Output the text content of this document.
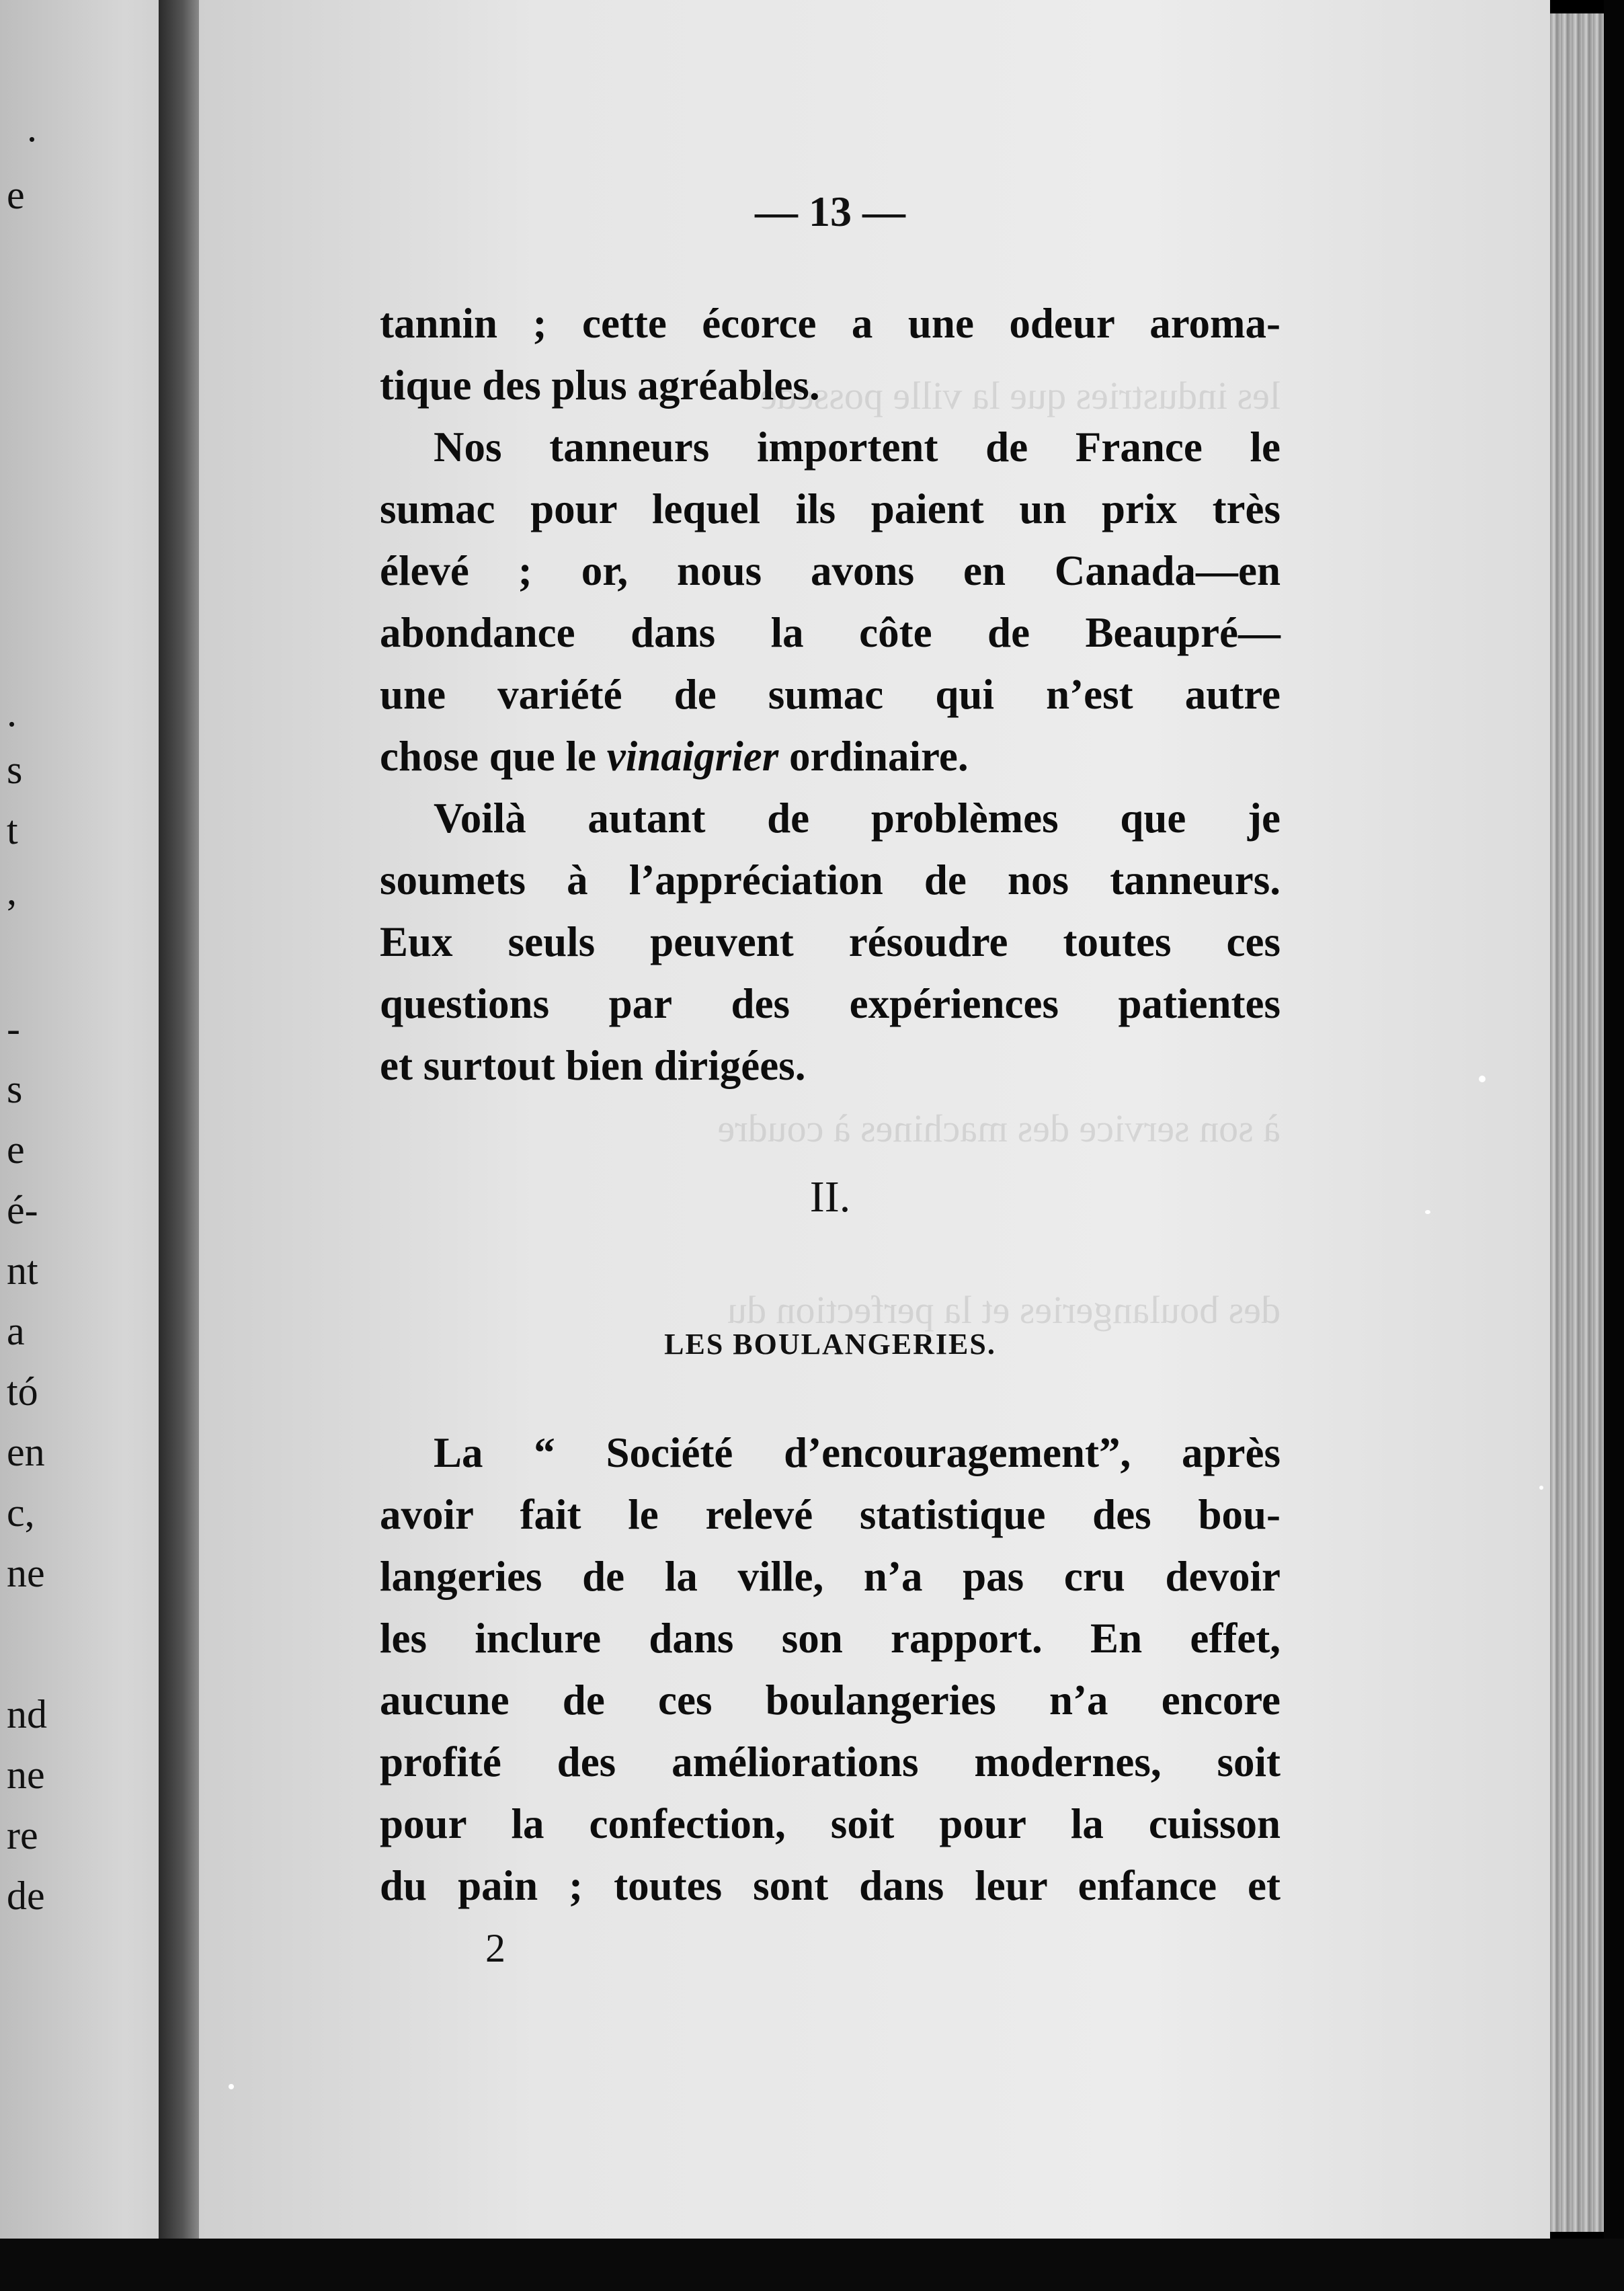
.
e
.
s
t
,
-
s
e
é-
nt
a
tó
en
c,
ne
nd
ne
re
de
— 13 —
tannin ; cette écorce a une odeur aroma-
tique des plus agréables.
Nos tanneurs importent de France le
sumac pour lequel ils paient un prix très
élevé ; or, nous avons en Canada—en
abondance dans la côte de Beaupré—
une variété de sumac qui n’est autre
chose que le vinaigrier ordinaire.
Voilà autant de problèmes que je
soumets à l’appréciation de nos tanneurs.
Eux seuls peuvent résoudre toutes ces
questions par des expériences patientes
et surtout bien dirigées.
II.
LES BOULANGERIES.
La “ Société d’encouragement”, après
avoir fait le relevé statistique des bou-
langeries de la ville, n’a pas cru devoir
les inclure dans son rapport. En effet,
aucune de ces boulangeries n’a encore
profité des améliorations modernes, soit
pour la confection, soit pour la cuisson
du pain ; toutes sont dans leur enfance et
2
